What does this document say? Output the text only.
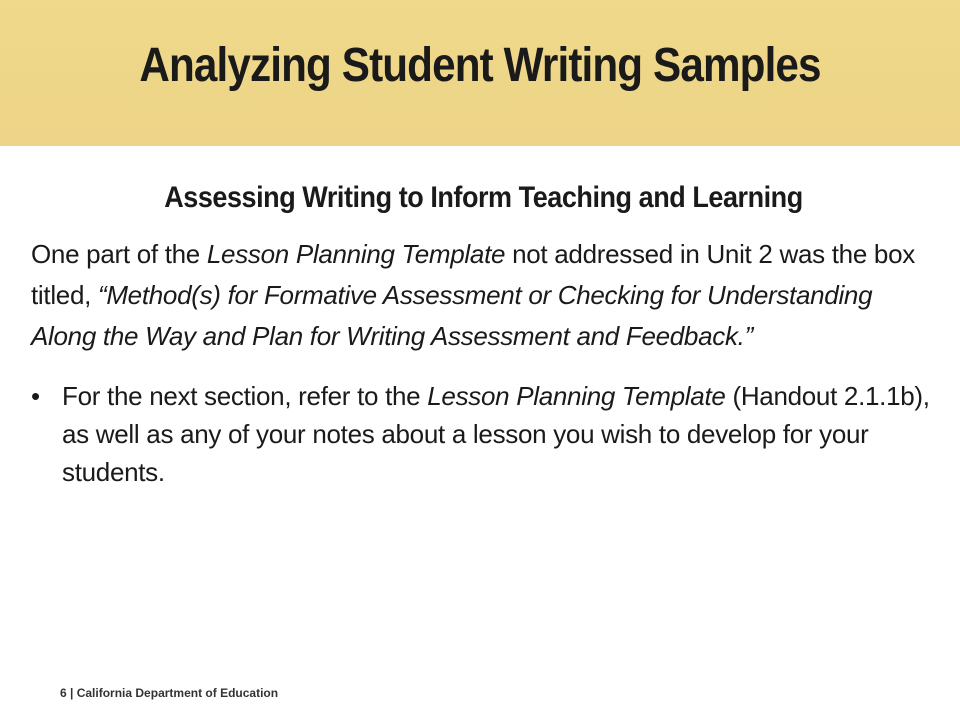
Analyzing Student Writing Samples
Assessing Writing to Inform Teaching and Learning

One part of the Lesson Planning Template not addressed in Unit 2 was the box titled, “Method(s) for Formative Assessment or Checking for Understanding Along the Way and Plan for Writing Assessment and Feedback.”

• For the next section, refer to the Lesson Planning Template (Handout 2.1.1b), as well as any of your notes about a lesson you wish to develop for your students.
6 | California Department of Education
